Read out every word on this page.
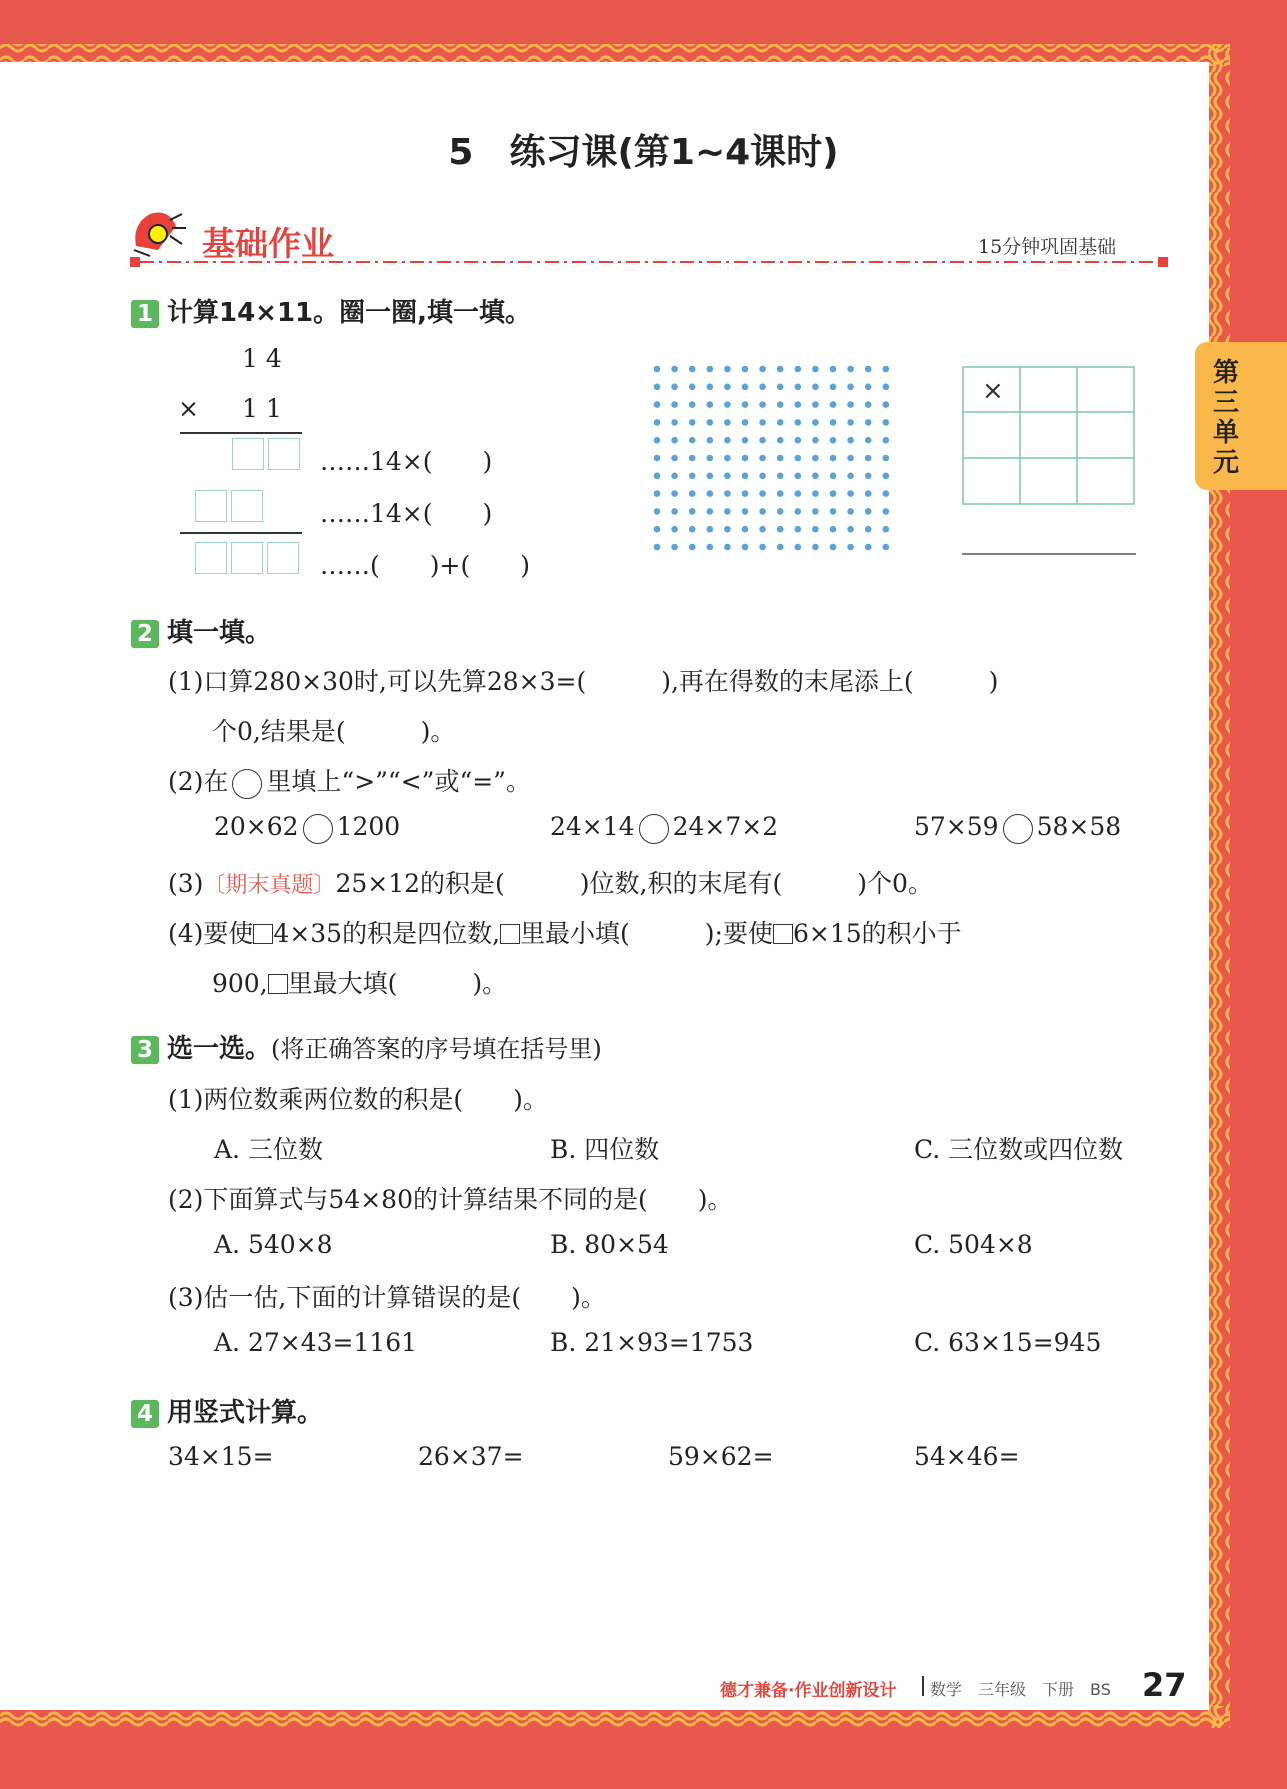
5　练习课(第1~4课时)
基础作业	15分钟巩固基础
第三单元
1 计算14×11。圈一圈,填一填。
1 4
× 1 1
……14×(　　)
……14×(　　)
……(　　)+(　　)
×
2 填一填。
(1)口算280×30时,可以先算28×3=(　　　),再在得数的末尾添上(　　　)
个0,结果是(　　　)。
(2)在 里填上“>”“<”或“=”。
20×62 1200	24×14 24×7×2	57×59 58×58
(3)〔期末真题〕25×12的积是(　　　)位数,积的末尾有(　　　)个0。
(4)要使 4×35的积是四位数, 里最小填(　　　);要使 6×15的积小于
900, 里最大填(　　　)。
3 选一选。(将正确答案的序号填在括号里)
(1)两位数乘两位数的积是(　　)。
A. 三位数	B. 四位数	C. 三位数或四位数
(2)下面算式与54×80的计算结果不同的是(　　)。
A. 540×8	B. 80×54	C. 504×8
(3)估一估,下面的计算错误的是(　　)。
A. 27×43=1161	B. 21×93=1753	C. 63×15=945
4 用竖式计算。
34×15=	26×37=	59×62=	54×46=
德才兼备·作业创新设计 数学　三年级　下册　BS 27
